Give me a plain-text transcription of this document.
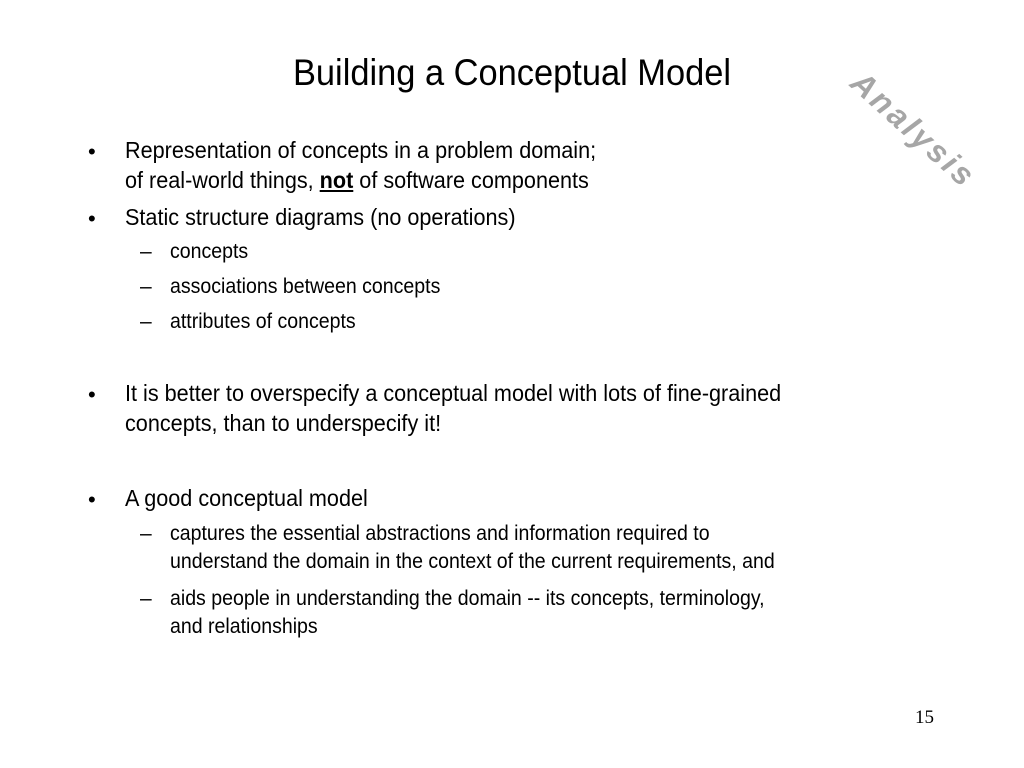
Building a Conceptual Model	Analysis
• Representation of concepts in a problem domain;
of real-world things, not of software components
• Static structure diagrams (no operations)
– concepts
– associations between concepts
– attributes of concepts
• It is better to overspecify a conceptual model with lots of fine-grained
concepts, than to underspecify it!
• A good conceptual model
– captures the essential abstractions and information required to
understand the domain in the context of the current requirements, and
– aids people in understanding the domain -- its concepts, terminology,
and relationships
15
